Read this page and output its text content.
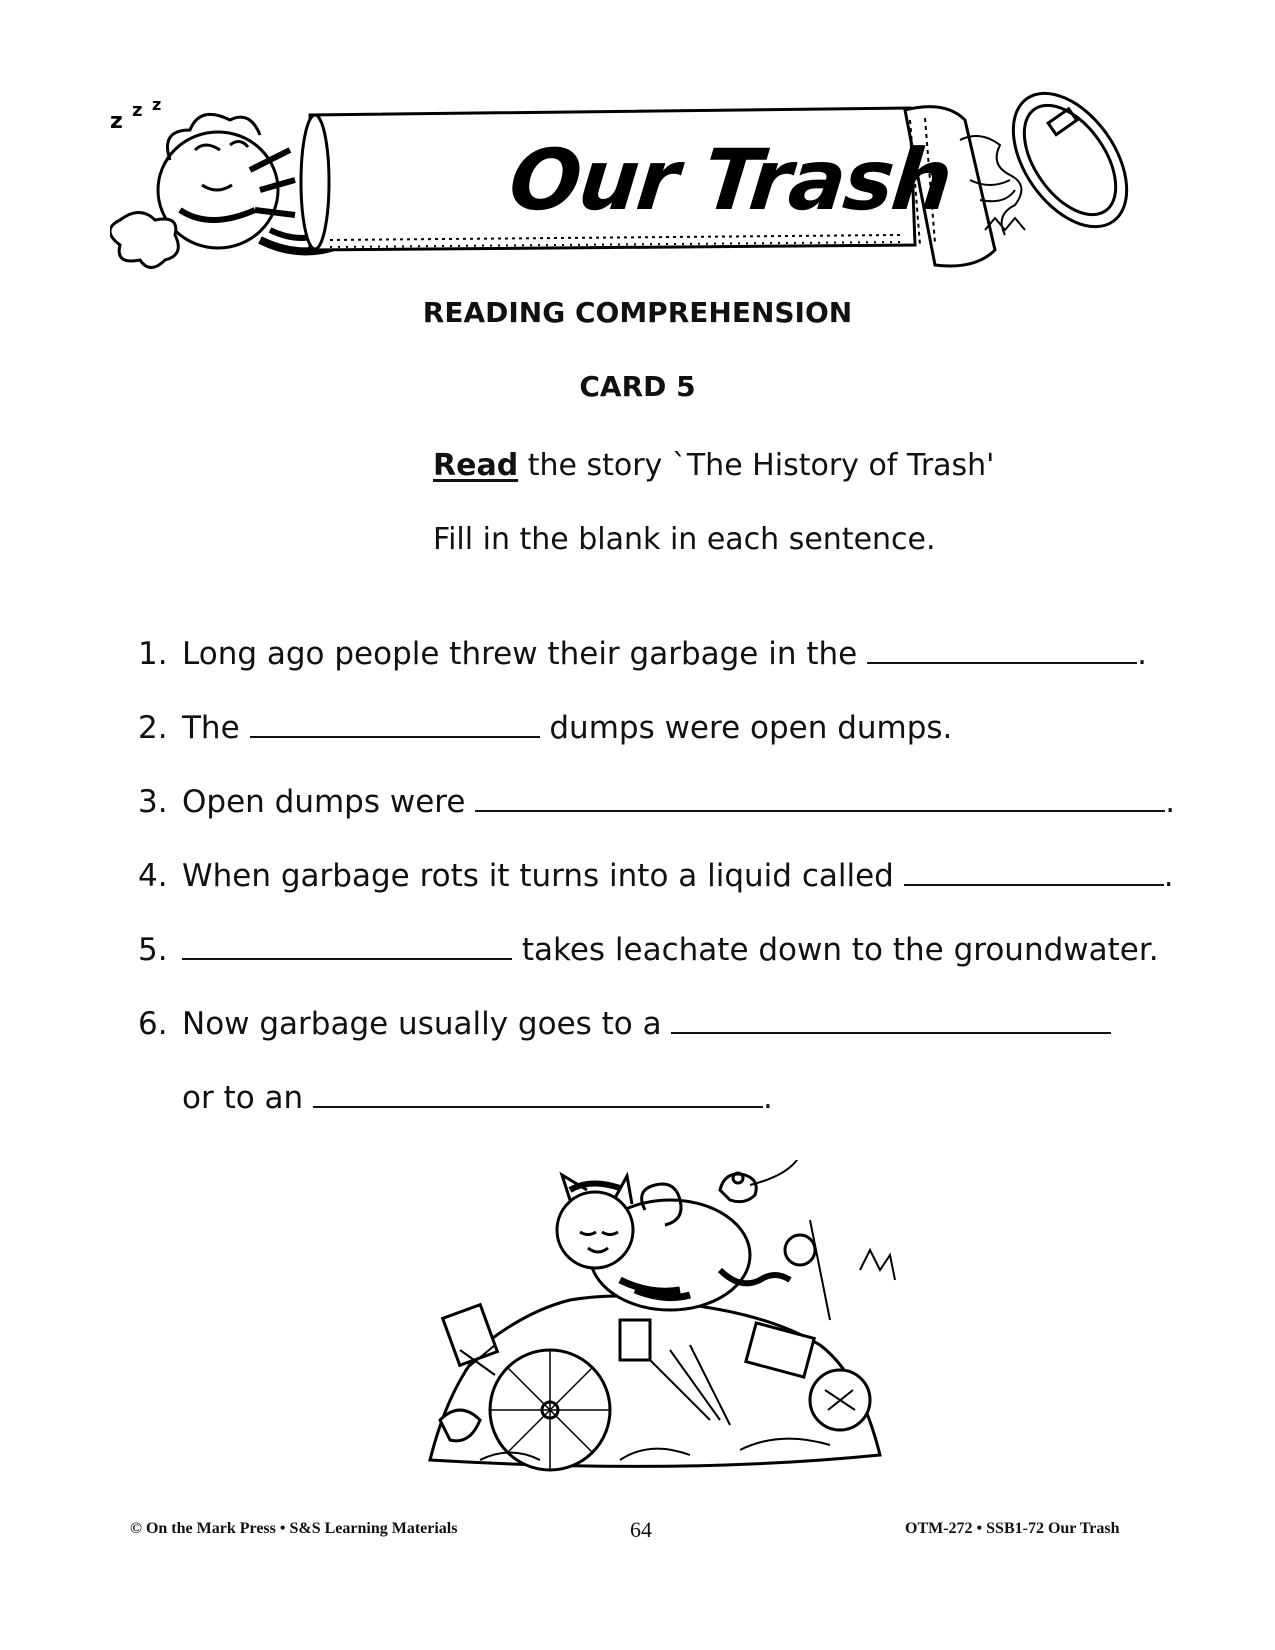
z z z
Our Trash
READING COMPREHENSION
CARD 5
Read the story `The History of Trash'
Fill in the blank in each sentence.
1. Long ago people threw their garbage in the	.
2. The	dumps were open dumps.
3. Open dumps were	.
4. When garbage rots it turns into a liquid called	.
5.	takes leachate down to the groundwater.
6. Now garbage usually goes to a
or to an	.
© On the Mark Press • S&S Learning Materials	64	OTM-272 • SSB1-72 Our Trash
